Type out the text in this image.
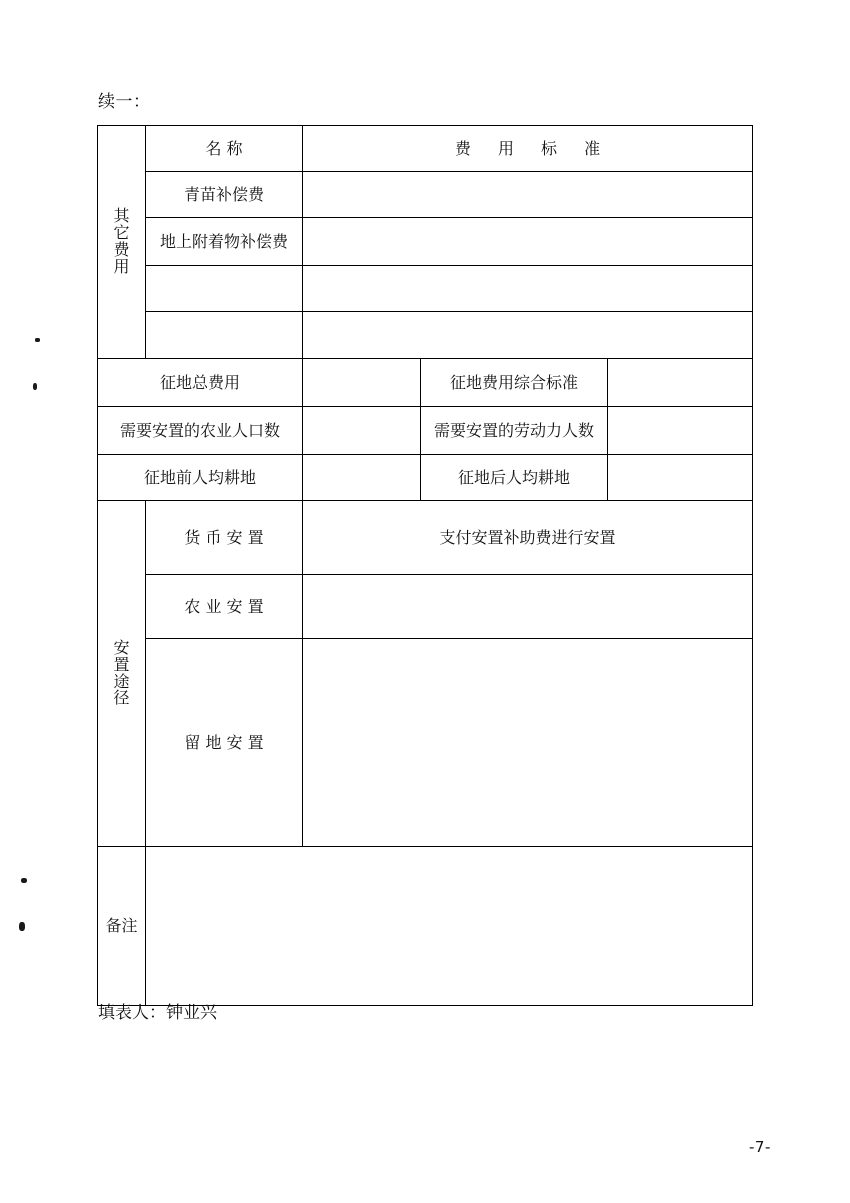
续一：
其
它
费
用	名 称	费 用 标 准		
	青苗补偿费			
	地上附着物补偿费			

征地总费用			征地费用综合标准	
需要安置的农业人口数			需要安置的劳动力人数	
征地前人均耕地			征地后人均耕地	

安
置
途
径	货 币 安 置	支付安置补助费进行安置		
	农 业 安 置			
	留 地 安 置			
备注				
填表人：钟业兴
-7-
